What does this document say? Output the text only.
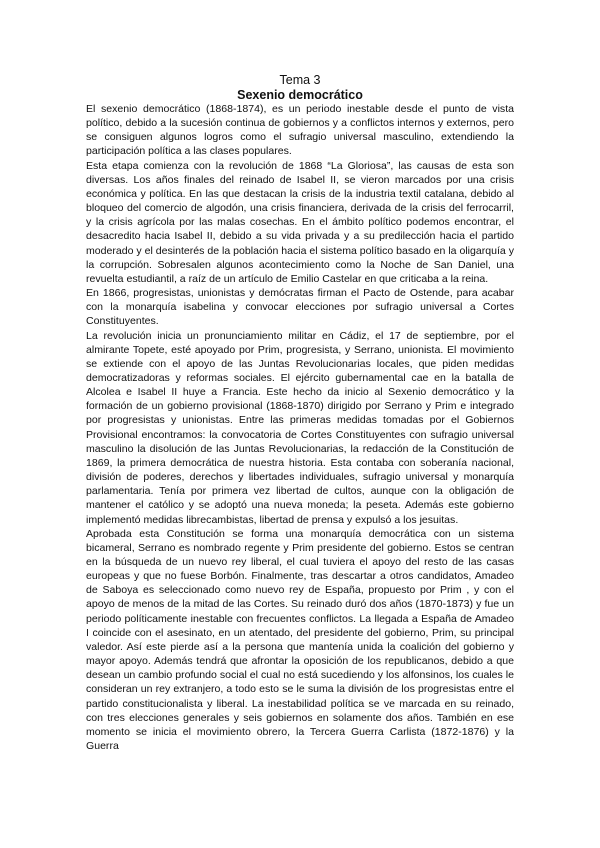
Tema 3

Sexenio democrático

El sexenio democrático (1868-1874), es un periodo inestable desde el punto de vista político, debido a la sucesión continua de gobiernos y a conflictos internos y externos, pero se consiguen algunos logros como el sufragio universal masculino, extendiendo la participación política a las clases populares.

Esta etapa comienza con la revolución de 1868 “La Gloriosa”, las causas de esta son diversas. Los años finales del reinado de Isabel II, se vieron marcados por una crisis económica y política. En las que destacan la crisis de la industria textil catalana, debido al bloqueo del comercio de algodón, una crisis financiera, derivada de la crisis del ferrocarril, y la crisis agrícola por las malas cosechas. En el ámbito político podemos encontrar, el desacredito hacia Isabel II, debido a su vida privada y a su predilección hacia el partido moderado y el desinterés de la población hacia el sistema político basado en la oligarquía y la corrupción. Sobresalen algunos acontecimiento como la Noche de San Daniel, una revuelta estudiantil, a raíz de un artículo de Emilio Castelar en que criticaba a la reina.

En 1866, progresistas, unionistas y demócratas firman el Pacto de Ostende, para acabar con la monarquía isabelina y convocar elecciones por sufragio universal a Cortes Constituyentes.

La revolución inicia un pronunciamiento militar en Cádiz, el 17 de septiembre, por el almirante Topete, esté apoyado por Prim, progresista, y Serrano, unionista. El movimiento se extiende con el apoyo de las Juntas Revolucionarias locales, que piden medidas democratizadoras y reformas sociales. El ejército gubernamental cae en la batalla de Alcolea e Isabel II huye a Francia. Este hecho da inicio al Sexenio democrático y la formación de un gobierno provisional (1868-1870) dirigido por Serrano y Prim e integrado por progresistas y unionistas. Entre las primeras medidas tomadas por el Gobiernos Provisional encontramos: la convocatoria de Cortes Constituyentes con sufragio universal masculino la disolución de las Juntas Revolucionarias, la redacción de la Constitución de 1869, la primera democrática de nuestra historia. Esta contaba con soberanía nacional, división de poderes, derechos y libertades individuales, sufragio universal y monarquía parlamentaria. Tenía por primera vez libertad de cultos, aunque con la obligación de mantener el católico y se adoptó una nueva moneda; la peseta. Además este gobierno implementó medidas librecambistas, libertad de prensa y expulsó a los jesuitas.

Aprobada esta Constitución se forma una monarquía democrática con un sistema bicameral, Serrano es nombrado regente y Prim presidente del gobierno. Estos se centran en la búsqueda de un nuevo rey liberal, el cual tuviera el apoyo del resto de las casas europeas y que no fuese Borbón. Finalmente, tras descartar a otros candidatos, Amadeo de Saboya es seleccionado como nuevo rey de España, propuesto por Prim , y con el apoyo de menos de la mitad de las Cortes. Su reinado duró dos años (1870-1873) y fue un periodo políticamente inestable con frecuentes conflictos. La llegada a España de Amadeo I coincide con el asesinato, en un atentado, del presidente del gobierno, Prim, su principal valedor. Así este pierde así a la persona que mantenía unida la coalición del gobierno y mayor apoyo. Además tendrá que afrontar la oposición de los republicanos, debido a que desean un cambio profundo social el cual no está sucediendo y los alfonsinos, los cuales le consideran un rey extranjero, a todo esto se le suma la división de los progresistas entre el partido constitucionalista y liberal. La inestabilidad política se ve marcada en su reinado, con tres elecciones generales y seis gobiernos en solamente dos años. También en ese momento se inicia el movimiento obrero, la Tercera Guerra Carlista (1872-1876) y la Guerra
